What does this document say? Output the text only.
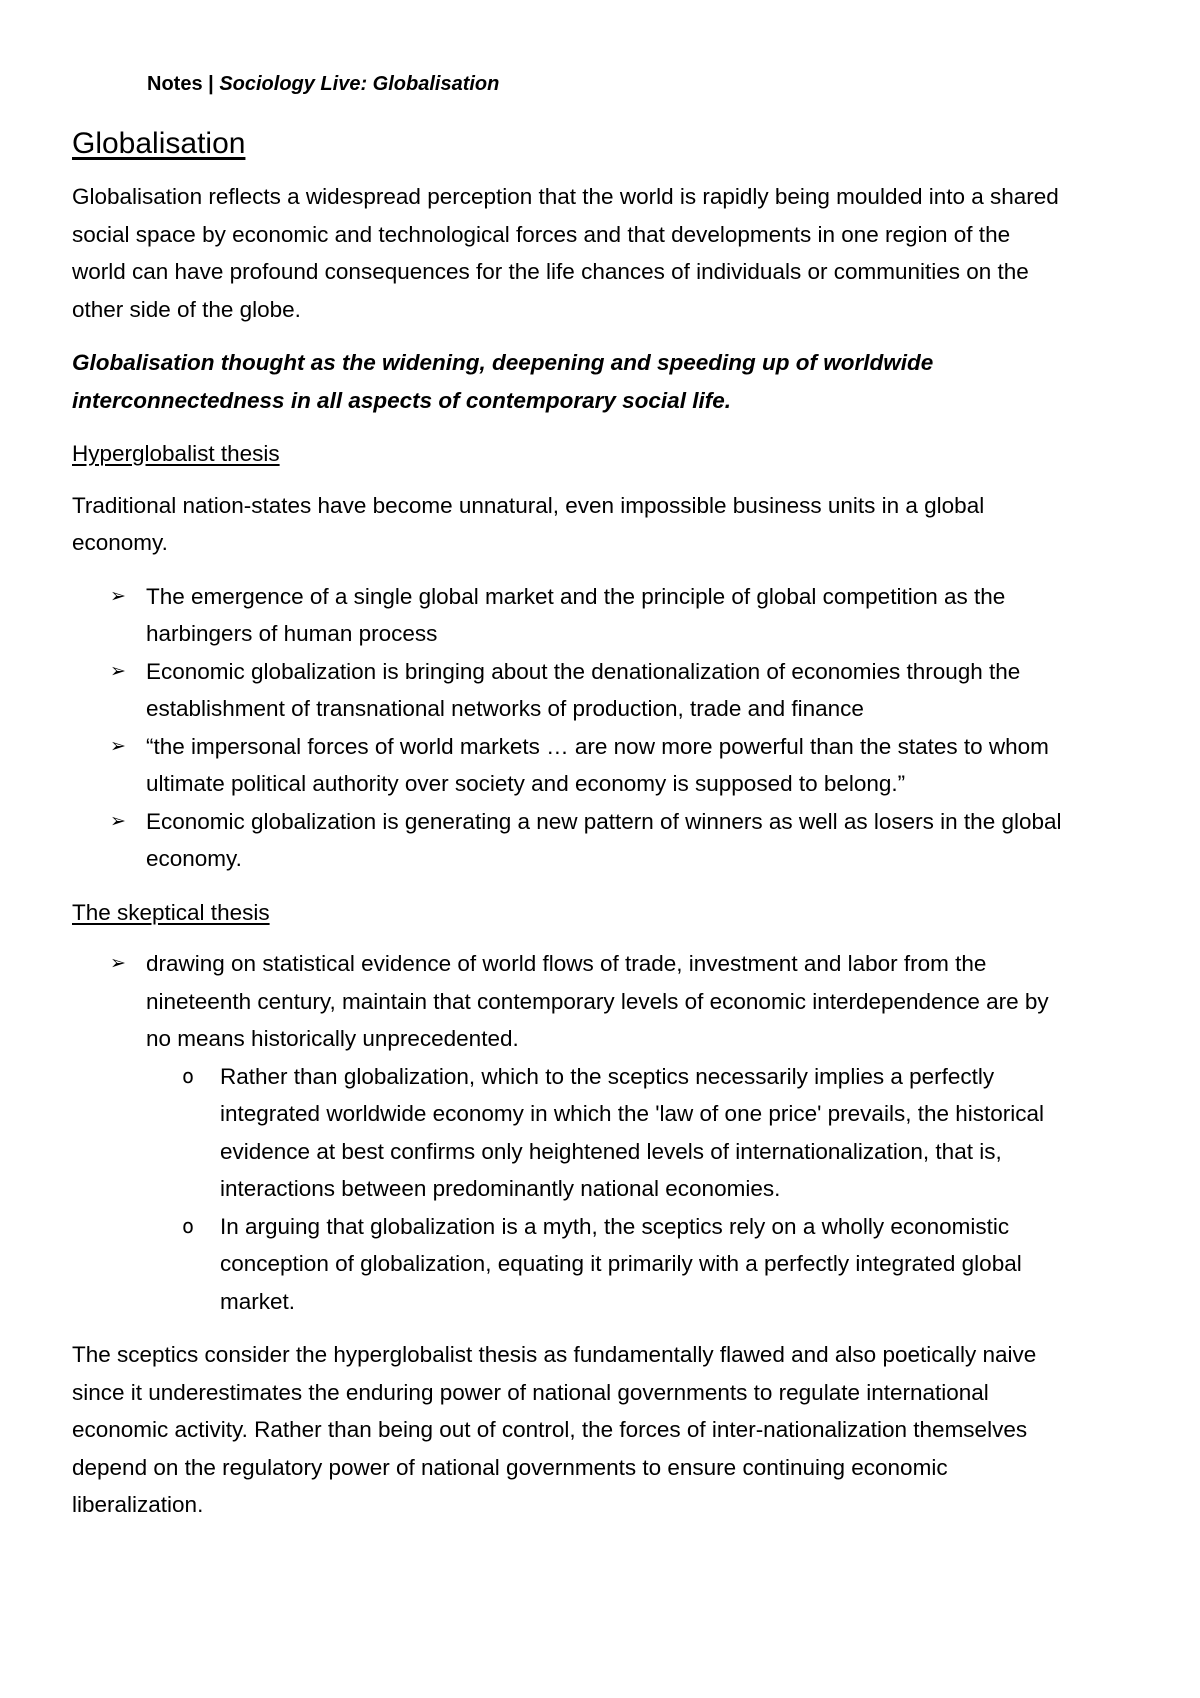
Notes | Sociology Live: Globalisation
Globalisation

Globalisation reflects a widespread perception that the world is rapidly being moulded into a shared social space by economic and technological forces and that developments in one region of the world can have profound consequences for the life chances of individuals or communities on the other side of the globe.

Globalisation thought as the widening, deepening and speeding up of worldwide interconnectedness in all aspects of contemporary social life.

Hyperglobalist thesis

Traditional nation-states have become unnatural, even impossible business units in a global economy.

➢ The emergence of a single global market and the principle of global competition as the harbingers of human process
➢ Economic globalization is bringing about the denationalization of economies through the establishment of transnational networks of production, trade and finance
➢ “the impersonal forces of world markets … are now more powerful than the states to whom ultimate political authority over society and economy is supposed to belong.”
➢ Economic globalization is generating a new pattern of winners as well as losers in the global economy.
The skeptical thesis
➢ drawing on statistical evidence of world flows of trade, investment and labor from the nineteenth century, maintain that contemporary levels of economic interdependence are by no means historically unprecedented.
o Rather than globalization, which to the sceptics necessarily implies a perfectly integrated worldwide economy in which the 'law of one price' prevails, the historical evidence at best confirms only heightened levels of internationalization, that is, interactions between predominantly national economies.
o In arguing that globalization is a myth, the sceptics rely on a wholly economistic conception of globalization, equating it primarily with a perfectly integrated global market.

The sceptics consider the hyperglobalist thesis as fundamentally flawed and also poetically naive since it underestimates the enduring power of national governments to regulate international economic activity. Rather than being out of control, the forces of inter-nationalization themselves depend on the regulatory power of national governments to ensure continuing economic liberalization.
